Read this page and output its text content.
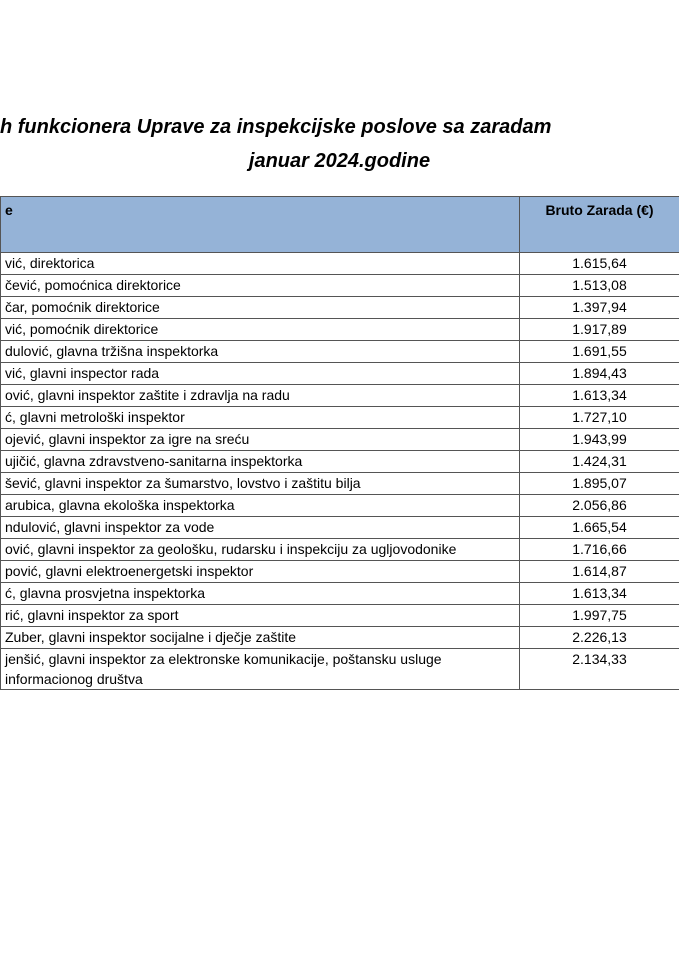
h funkcionera Uprave za inspekcijske poslove sa zaradam
januar 2024.godine
e	Bruto Zarada (€)
vić, direktorica	1.615,64
čević, pomoćnica direktorice	1.513,08
čar, pomoćnik direktorice	1.397,94
vić, pomoćnik direktorice	1.917,89
dulović, glavna tržišna inspektorka	1.691,55
vić, glavni inspector rada	1.894,43
ović, glavni inspektor zaštite i zdravlja na radu	1.613,34
ć, glavni metrološki inspektor	1.727,10
ojević, glavni inspektor za igre na sreću	1.943,99
ujičić, glavna zdravstveno-sanitarna inspektorka	1.424,31
šević, glavni inspektor za šumarstvo, lovstvo i zaštitu bilja	1.895,07
arubica, glavna ekološka inspektorka	2.056,86
ndulović, glavni inspektor za vode	1.665,54
ović, glavni inspektor za geološku, rudarsku i inspekciju za ugljovodonike	1.716,66
pović, glavni elektroenergetski inspektor	1.614,87
ć, glavna prosvjetna inspektorka	1.613,34
rić, glavni inspektor za sport	1.997,75
Zuber, glavni inspektor socijalne i dječje zaštite	2.226,13
jenšić, glavni inspektor za elektronske komunikacije, poštansku usluge informacionog društva	2.134,33
